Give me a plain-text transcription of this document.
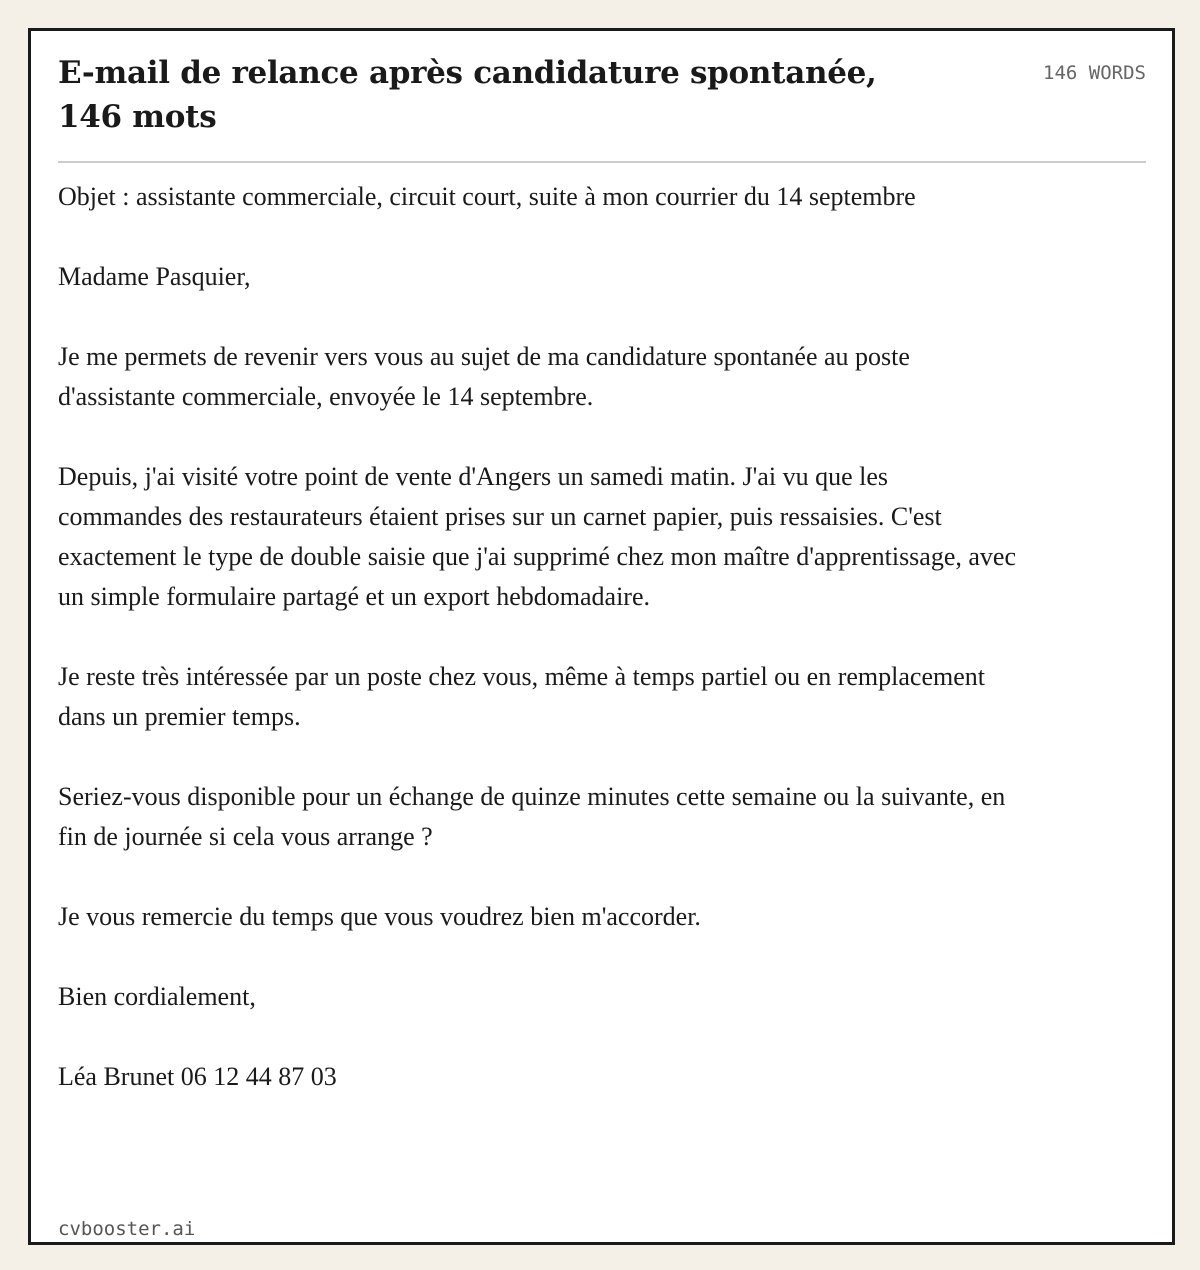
E-mail de relance après candidature spontanée, 146 mots
146 WORDS

Objet : assistante commerciale, circuit court, suite à mon courrier du 14 septembre

Madame Pasquier,

Je me permets de revenir vers vous au sujet de ma candidature spontanée au poste d'assistante commerciale, envoyée le 14 septembre.

Depuis, j'ai visité votre point de vente d'Angers un samedi matin. J'ai vu que les commandes des restaurateurs étaient prises sur un carnet papier, puis ressaisies. C'est exactement le type de double saisie que j'ai supprimé chez mon maître d'apprentissage, avec un simple formulaire partagé et un export hebdomadaire.

Je reste très intéressée par un poste chez vous, même à temps partiel ou en remplacement dans un premier temps.

Seriez-vous disponible pour un échange de quinze minutes cette semaine ou la suivante, en fin de journée si cela vous arrange ?

Je vous remercie du temps que vous voudrez bien m'accorder.

Bien cordialement,

Léa Brunet 06 12 44 87 03

cvbooster.ai
